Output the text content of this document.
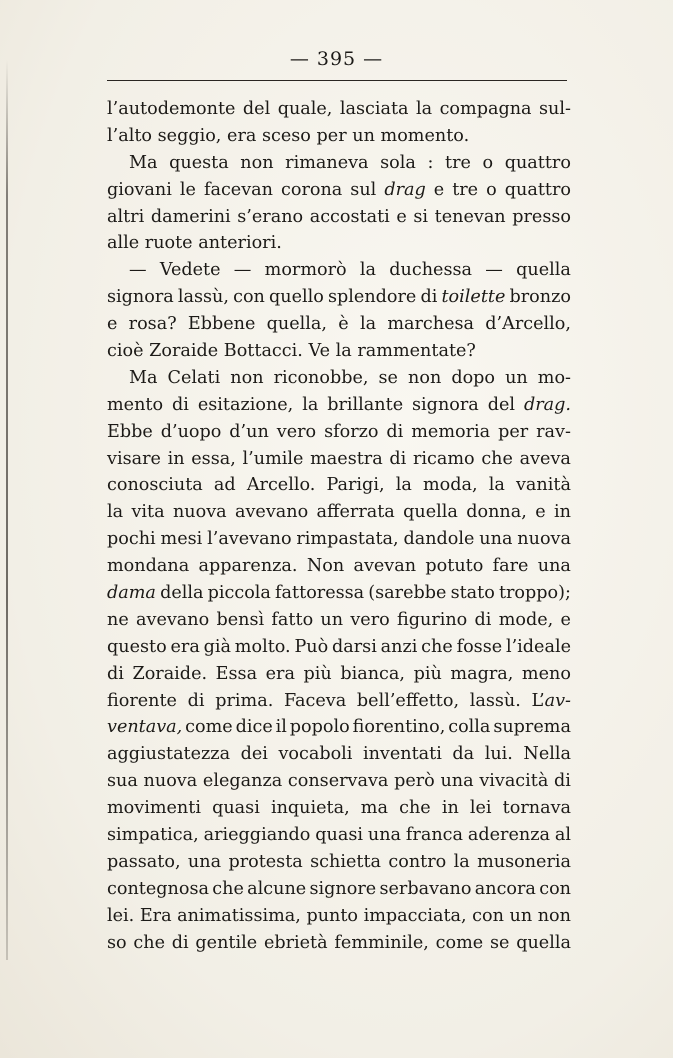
— 395 —
l’autodemonte del quale, lasciata la compagna sul-
l’alto seggio, era sceso per un momento.
Ma questa non rimaneva sola : tre o quattro
giovani le facevan corona sul drag e tre o quattro
altri damerini s’erano accostati e si tenevan presso
alle ruote anteriori.
— Vedete — mormorò la duchessa — quella
signora lassù, con quello splendore di toilette bronzo
e rosa? Ebbene quella, è la marchesa d’Arcello,
cioè Zoraide Bottacci. Ve la rammentate?
Ma Celati non riconobbe, se non dopo un mo-
mento di esitazione, la brillante signora del drag.
Ebbe d’uopo d’un vero sforzo di memoria per rav-
visare in essa, l’umile maestra di ricamo che aveva
conosciuta ad Arcello. Parigi, la moda, la vanità
la vita nuova avevano afferrata quella donna, e in
pochi mesi l’avevano rimpastata, dandole una nuova
mondana apparenza. Non avevan potuto fare una
dama della piccola fattoressa (sarebbe stato troppo);
ne avevano bensì fatto un vero figurino di mode, e
questo era già molto. Può darsi anzi che fosse l’ideale
di Zoraide. Essa era più bianca, più magra, meno
fiorente di prima. Faceva bell’effetto, lassù. L’av-
ventava, come dice il popolo fiorentino, colla suprema
aggiustatezza dei vocaboli inventati da lui. Nella
sua nuova eleganza conservava però una vivacità di
movimenti quasi inquieta, ma che in lei tornava
simpatica, arieggiando quasi una franca aderenza al
passato, una protesta schietta contro la musoneria
contegnosa che alcune signore serbavano ancora con
lei. Era animatissima, punto impacciata, con un non
so che di gentile ebrietà femminile, come se quella
